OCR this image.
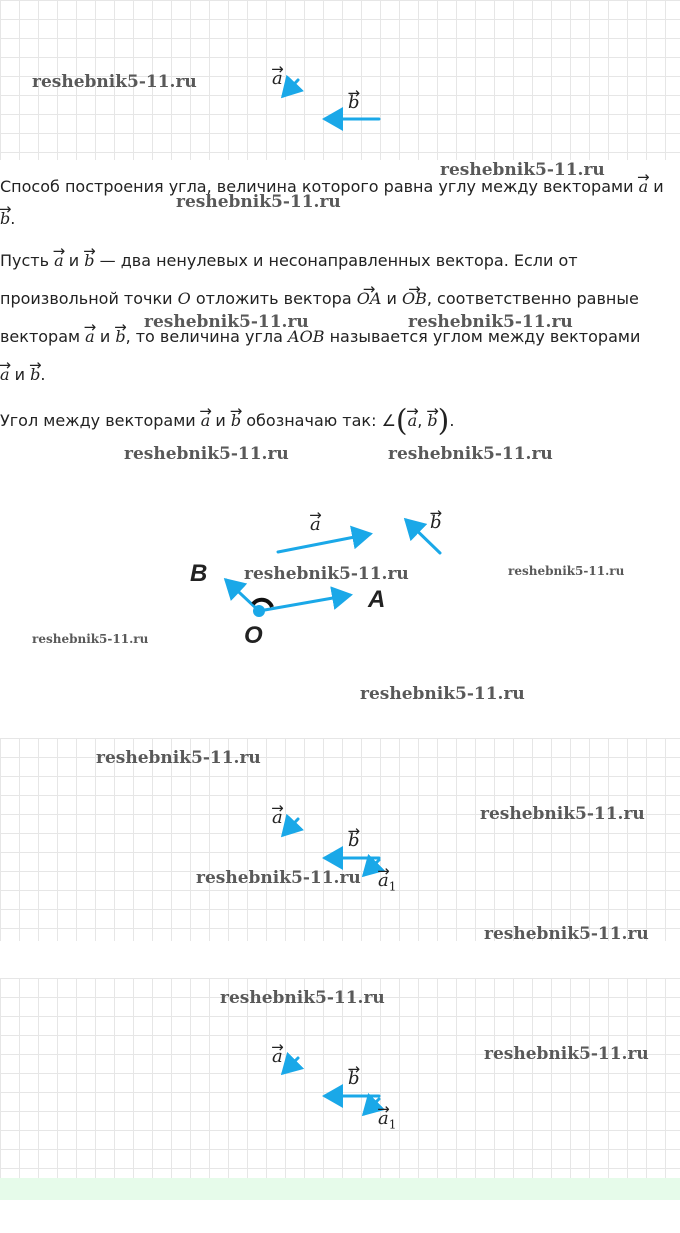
→ a
→ b
Способ построения угла, величина которого равна углу между векторами → a и
→ b.
Пусть → a и → b — два ненулевых и несонаправленных вектора. Если от
произвольной точки O отложить вектора → OA и → OB, соответственно равные
векторам → a и → b, то величина угла AOB называется углом между векторами
→ a и → b.
Угол между векторами → a и → b обозначаю так: ∠(→ a, → b).
→ a	→ b
B
A
O
→ a
→ b
→ $a_1$
→ a
→ b
→ $a_1$
reshebnik5-11.ru
reshebnik5-11.ru
reshebnik5-11.ru
reshebnik5-11.ru	reshebnik5-11.ru
reshebnik5-11.ru	reshebnik5-11.ru
reshebnik5-11.ru	reshebnik5-11.ru
reshebnik5-11.ru
reshebnik5-11.ru
reshebnik5-11.ru
reshebnik5-11.ru
reshebnik5-11.ru
reshebnik5-11.ru
reshebnik5-11.ru
reshebnik5-11.ru
